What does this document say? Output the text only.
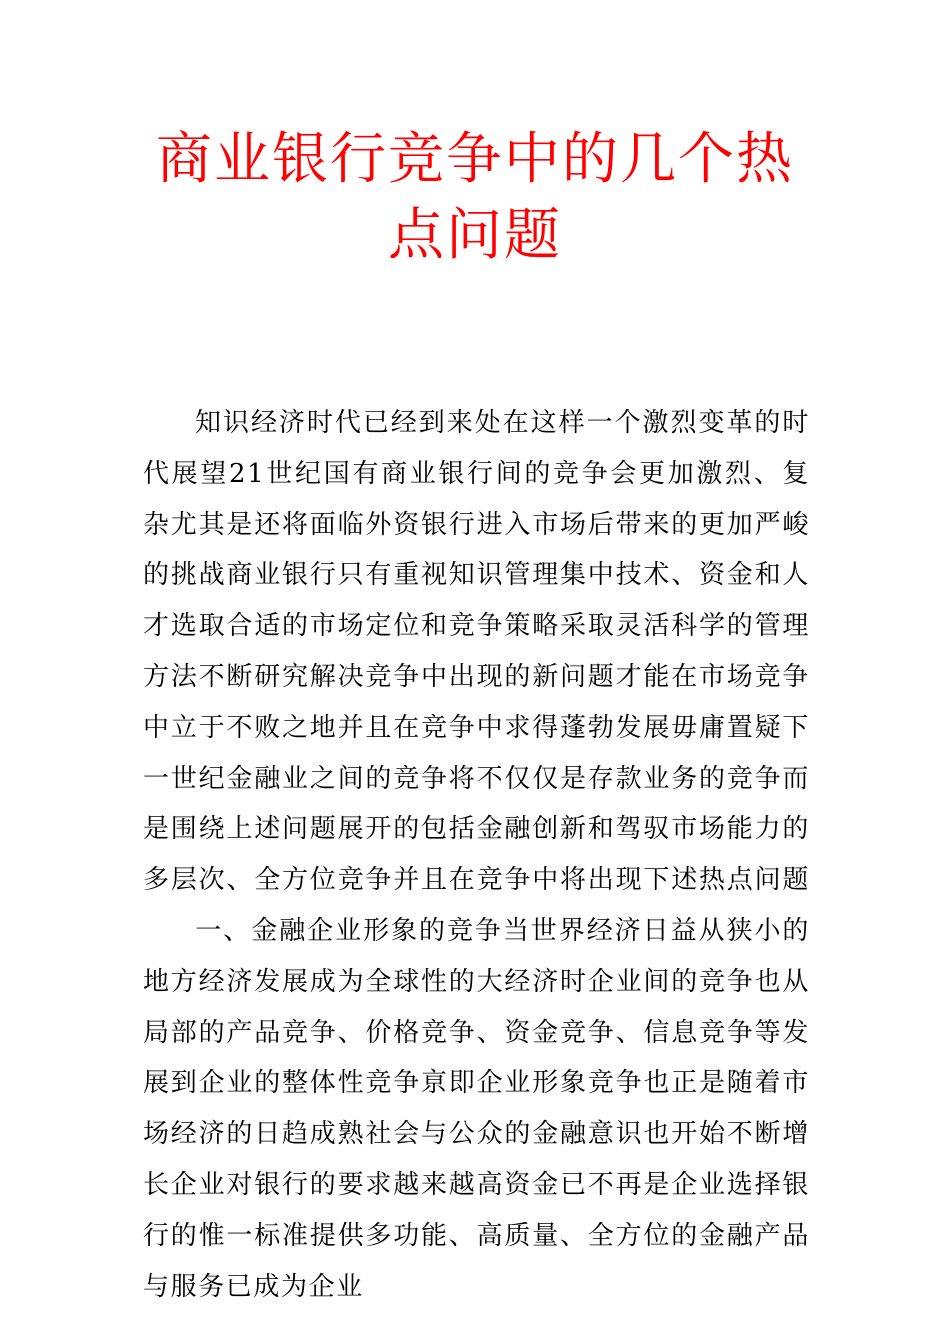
商业银行竞争中的几个热
点问题

知识经济时代已经到来处在这样一个激烈变革的时代展望21世纪国有商业银行间的竞争会更加激烈、复杂尤其是还将面临外资银行进入市场后带来的更加严峻的挑战商业银行只有重视知识管理集中技术、资金和人才选取合适的市场定位和竞争策略采取灵活科学的管理方法不断研究解决竞争中出现的新问题才能在市场竞争中立于不败之地并且在竞争中求得蓬勃发展毋庸置疑下一世纪金融业之间的竞争将不仅仅是存款业务的竞争而是围绕上述问题展开的包括金融创新和驾驭市场能力的多层次、全方位竞争并且在竞争中将出现下述热点问题一、金融企业形象的竞争当世界经济日益从狭小的地方经济发展成为全球性的大经济时企业间的竞争也从局部的产品竞争、价格竞争、资金竞争、信息竞争等发展到企业的整体性竞争亰即企业形象竞争也正是随着市场经济的日趋成熟社会与公众的金融意识也开始不断增长企业对银行的要求越来越高资金已不再是企业选择银行的惟一标准提供多功能、高质量、全方位的金融产品与服务已成为企业
